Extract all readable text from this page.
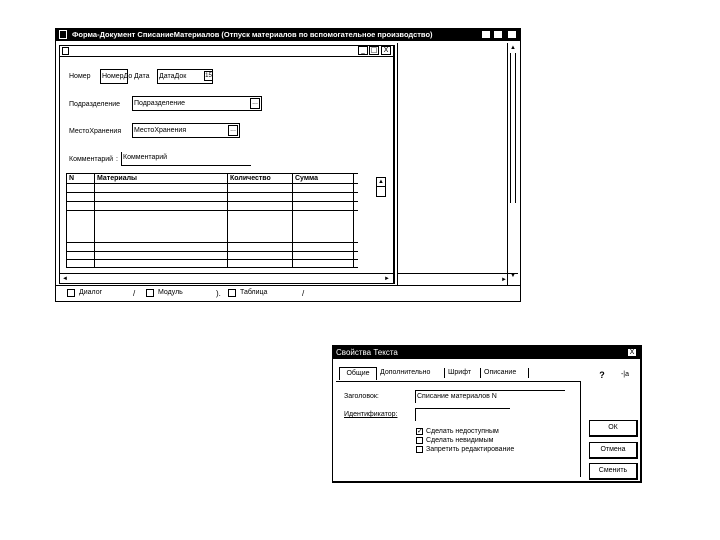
Форма-Документ СписаниеМатериалов (Отпуск материалов по вспомогательное производство)	_ □	X
_ □ X
Номер НомерДо Дата ДатаДок	15
Подразделение Подразделение	...
МестоХранения МестоХранения	...
Комментарий : Комментарий
N	Материалы	Количество	Сумма	▲
◄	►
▲
▼
►
Диалог	/	Модуль	).	Таблица	/
Свойства Текста	X
Общие	Дополнительно	Шрифт Описание	?	-|a
Заголовок:	Списание материалов N
Идентификатор:
✓ Сделать недоступным
Сделать невидимым
Запретить редактирование
ОК
Отмена
Сменить
